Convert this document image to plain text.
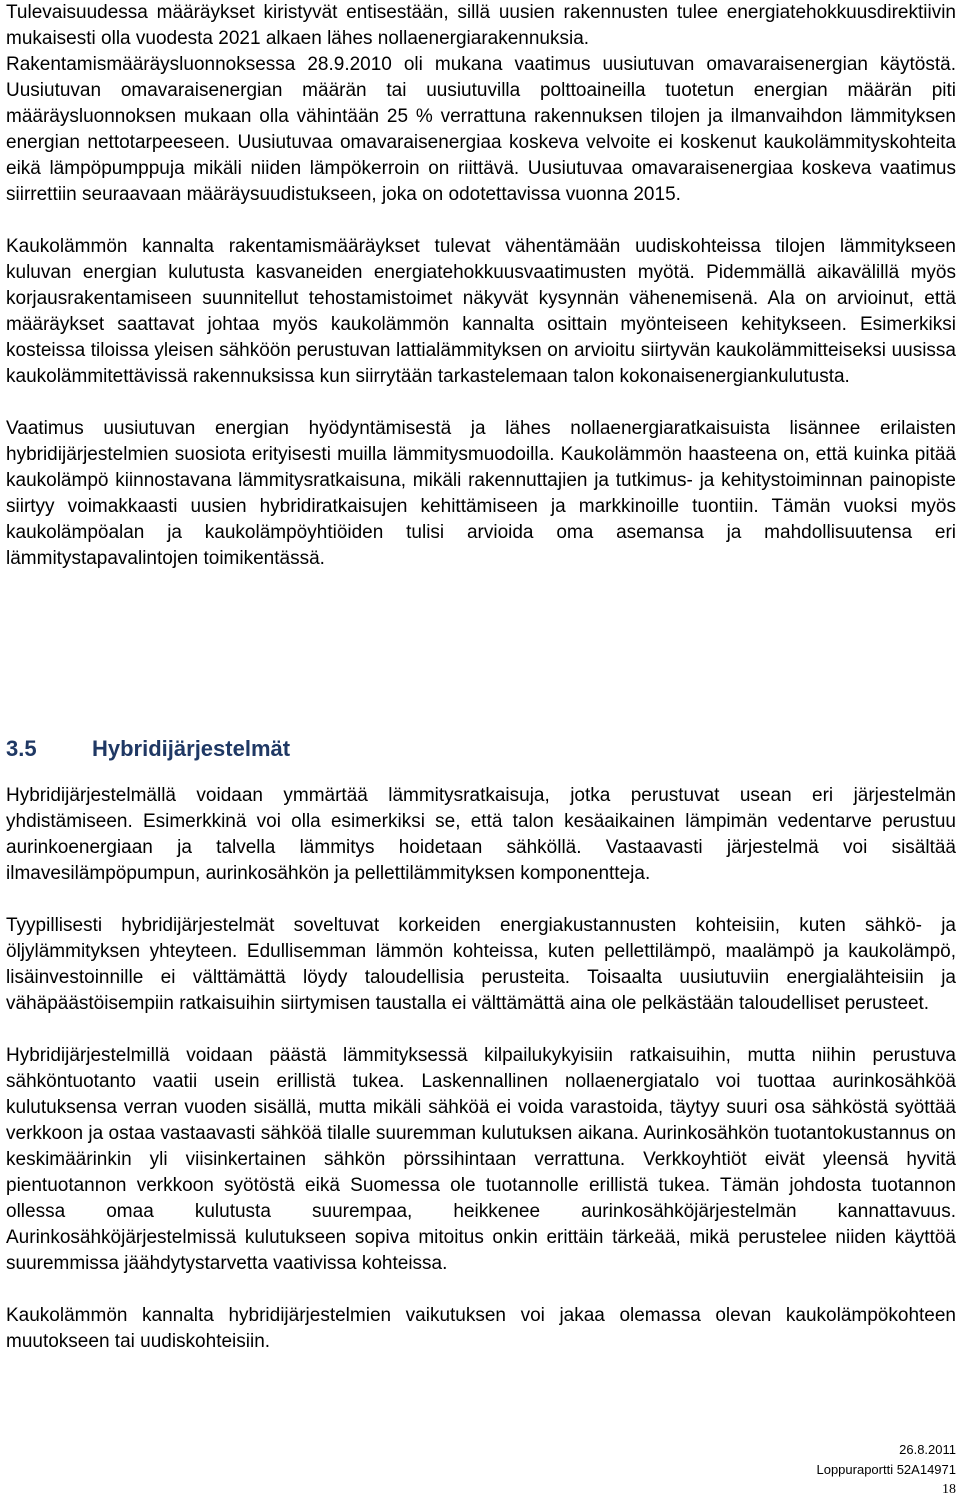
Tulevaisuudessa määräykset kiristyvät entisestään, sillä uusien rakennusten tulee energiatehokkuusdirektiivin mukaisesti olla vuodesta 2021 alkaen lähes nollaenergiarakennuksia.

Rakentamismääräysluonnoksessa 28.9.2010 oli mukana vaatimus uusiutuvan omavaraisenergian käytöstä. Uusiutuvan omavaraisenergian määrän tai uusiutuvilla polttoaineilla tuotetun energian määrän piti määräysluonnoksen mukaan olla vähintään 25 % verrattuna rakennuksen tilojen ja ilmanvaihdon lämmityksen energian nettotarpeeseen. Uusiutuvaa omavaraisenergiaa koskeva velvoite ei koskenut kaukolämmityskohteita eikä lämpöpumppuja mikäli niiden lämpökerroin on riittävä. Uusiutuvaa omavaraisenergiaa koskeva vaatimus siirrettiin seuraavaan määräysuudistukseen, joka on odotettavissa vuonna 2015.

Kaukolämmön kannalta rakentamismääräykset tulevat vähentämään uudiskohteissa tilojen lämmitykseen kuluvan energian kulutusta kasvaneiden energiatehokkuusvaatimusten myötä. Pidemmällä aikavälillä myös korjausrakentamiseen suunnitellut tehostamistoimet näkyvät kysynnän vähenemisenä. Ala on arvioinut, että määräykset saattavat johtaa myös kaukolämmön kannalta osittain myönteiseen kehitykseen. Esimerkiksi kosteissa tiloissa yleisen sähköön perustuvan lattialämmityksen on arvioitu siirtyvän kaukolämmitteiseksi uusissa kaukolämmitettävissä rakennuksissa kun siirrytään tarkastelemaan talon kokonaisenergiankulutusta.

Vaatimus uusiutuvan energian hyödyntämisestä ja lähes nollaenergiaratkaisuista lisännee erilaisten hybridijärjestelmien suosiota erityisesti muilla lämmitysmuodoilla. Kaukolämmön haasteena on, että kuinka pitää kaukolämpö kiinnostavana lämmitysratkaisuna, mikäli rakennuttajien ja tutkimus- ja kehitystoiminnan painopiste siirtyy voimakkaasti uusien hybridiratkaisujen kehittämiseen ja markkinoille tuontiin. Tämän vuoksi myös kaukolämpöalan ja kaukolämpöyhtiöiden tulisi arvioida oma asemansa ja mahdollisuutensa eri lämmitystapavalintojen toimikentässä.

3.5	Hybridijärjestelmät

Hybridijärjestelmällä voidaan ymmärtää lämmitysratkaisuja, jotka perustuvat usean eri järjestelmän yhdistämiseen. Esimerkkinä voi olla esimerkiksi se, että talon kesäaikainen lämpimän vedentarve perustuu aurinkoenergiaan ja talvella lämmitys hoidetaan sähköllä. Vastaavasti järjestelmä voi sisältää ilmavesilämpöpumpun, aurinkosähkön ja pellettilämmityksen komponentteja.

Tyypillisesti hybridijärjestelmät soveltuvat korkeiden energiakustannusten kohteisiin, kuten sähkö- ja öljylämmityksen yhteyteen. Edullisemman lämmön kohteissa, kuten pellettilämpö, maalämpö ja kaukolämpö, lisäinvestoinnille ei välttämättä löydy taloudellisia perusteita. Toisaalta uusiutuviin energialähteisiin ja vähäpäästöisempiin ratkaisuihin siirtymisen taustalla ei välttämättä aina ole pelkästään taloudelliset perusteet.

Hybridijärjestelmillä voidaan päästä lämmityksessä kilpailukykyisiin ratkaisuihin, mutta niihin perustuva sähköntuotanto vaatii usein erillistä tukea. Laskennallinen nollaenergiatalo voi tuottaa aurinkosähköä kulutuksensa verran vuoden sisällä, mutta mikäli sähköä ei voida varastoida, täytyy suuri osa sähköstä syöttää verkkoon ja ostaa vastaavasti sähköä tilalle suuremman kulutuksen aikana. Aurinkosähkön tuotantokustannus on keskimäärinkin yli viisinkertainen sähkön pörssihintaan verrattuna. Verkkoyhtiöt eivät yleensä hyvitä pientuotannon verkkoon syötöstä eikä Suomessa ole tuotannolle erillistä tukea. Tämän johdosta tuotannon ollessa omaa kulutusta suurempaa, heikkenee aurinkosähköjärjestelmän kannattavuus. Aurinkosähköjärjestelmissä kulutukseen sopiva mitoitus onkin erittäin tärkeää, mikä perustelee niiden käyttöä suuremmissa jäähdytystarvetta vaativissa kohteissa.

Kaukolämmön kannalta hybridijärjestelmien vaikutuksen voi jakaa olemassa olevan kaukolämpökohteen muutokseen tai uudiskohteisiin.

26.8.2011
Loppuraportti 52A14971
18
